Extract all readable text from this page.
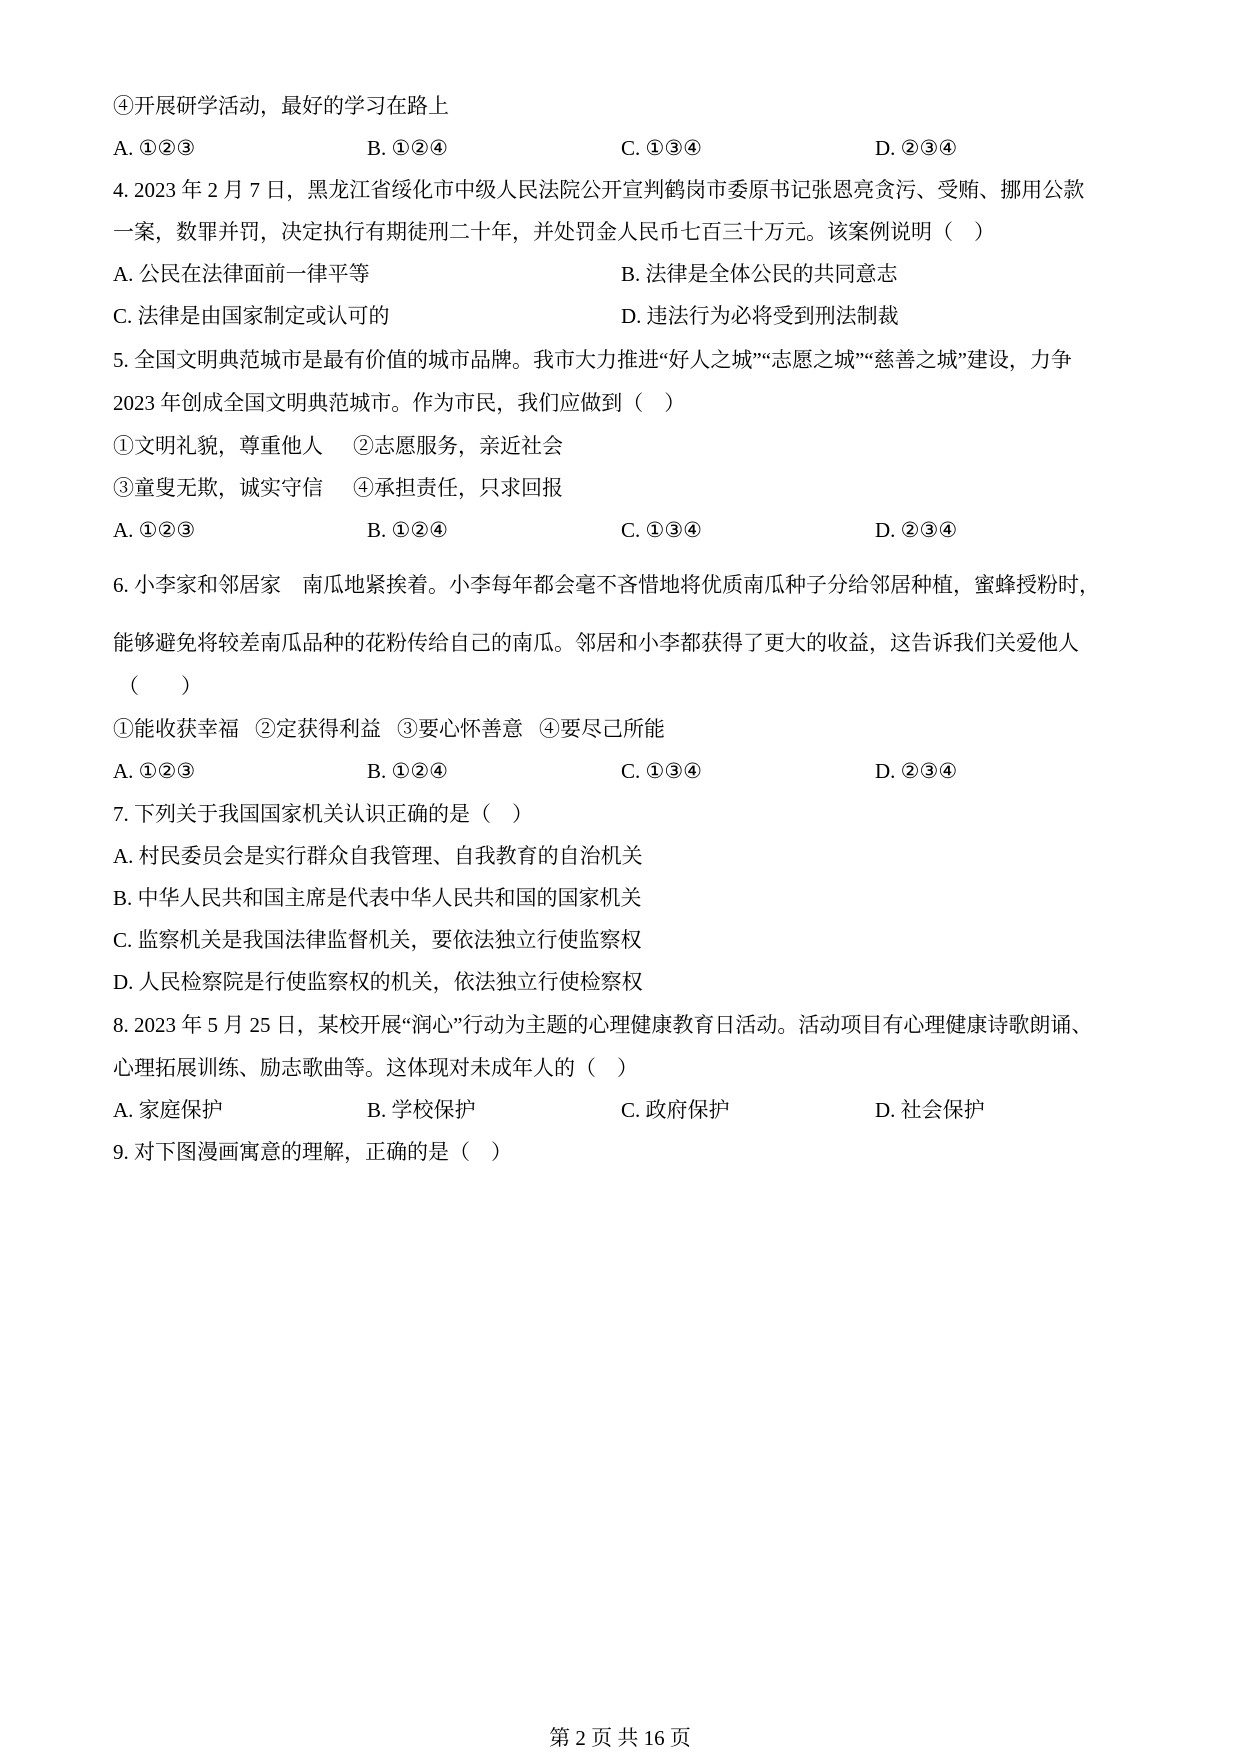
④开展研学活动，最好的学习在路上
A. ①②③	B. ①②④	C. ①③④	D. ②③④
4. 2023 年 2 月 7 日，黑龙江省绥化市中级人民法院公开宣判鹤岗市委原书记张恩亮贪污、受贿、挪用公款
一案，数罪并罚，决定执行有期徒刑二十年，并处罚金人民币七百三十万元。该案例说明（　）
A. 公民在法律面前一律平等	B. 法律是全体公民的共同意志
C. 法律是由国家制定或认可的	D. 违法行为必将受到刑法制裁
5. 全国文明典范城市是最有价值的城市品牌。我市大力推进“好人之城”“志愿之城”“慈善之城”建设，力争
2023 年创成全国文明典范城市。作为市民，我们应做到（　）
①文明礼貌，尊重他人 ②志愿服务，亲近社会
③童叟无欺，诚实守信 ④承担责任，只求回报
A. ①②③	B. ①②④	C. ①③④	D. ②③④
6. 小李家和邻居家　南瓜地紧挨着。小李每年都会毫不吝惜地将优质南瓜种子分给邻居种植，蜜蜂授粉时，
能够避免将较差南瓜品种的花粉传给自己的南瓜。邻居和小李都获得了更大的收益，这告诉我们关爱他人
（　　）
①能收获幸福 ②定获得利益 ③要心怀善意 ④要尽己所能
A. ①②③	B. ①②④	C. ①③④	D. ②③④
7. 下列关于我国国家机关认识正确的是（　）
A. 村民委员会是实行群众自我管理、自我教育的自治机关
B. 中华人民共和国主席是代表中华人民共和国的国家机关
C. 监察机关是我国法律监督机关，要依法独立行使监察权
D. 人民检察院是行使监察权的机关，依法独立行使检察权
8. 2023 年 5 月 25 日，某校开展“润心”行动为主题的心理健康教育日活动。活动项目有心理健康诗歌朗诵、
心理拓展训练、励志歌曲等。这体现对未成年人的（　）
A. 家庭保护	B. 学校保护	C. 政府保护	D. 社会保护
9. 对下图漫画寓意的理解，正确的是（　）
第 2 页 共 16 页
